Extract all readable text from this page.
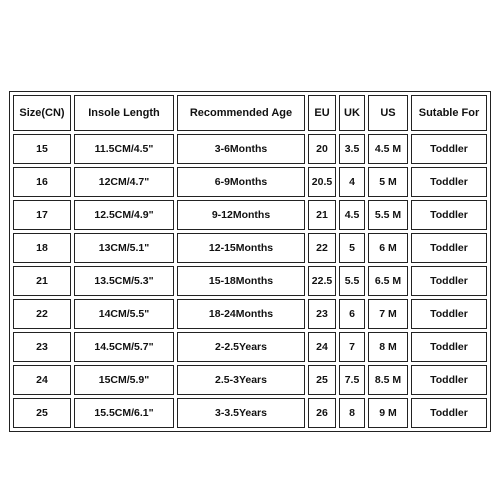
Size(CN)	Insole Length	Recommended Age	EU	UK	US	Sutable For
15	11.5CM/4.5"	3-6Months	20	3.5	4.5 M	Toddler
16	12CM/4.7"	6-9Months	20.5	4	5 M	Toddler
17	12.5CM/4.9"	9-12Months	21	4.5	5.5 M	Toddler
18	13CM/5.1"	12-15Months	22	5	6 M	Toddler
21	13.5CM/5.3"	15-18Months	22.5	5.5	6.5 M	Toddler
22	14CM/5.5"	18-24Months	23	6	7 M	Toddler
23	14.5CM/5.7"	2-2.5Years	24	7	8 M	Toddler
24	15CM/5.9"	2.5-3Years	25	7.5	8.5 M	Toddler
25	15.5CM/6.1"	3-3.5Years	26	8	9 M	Toddler
